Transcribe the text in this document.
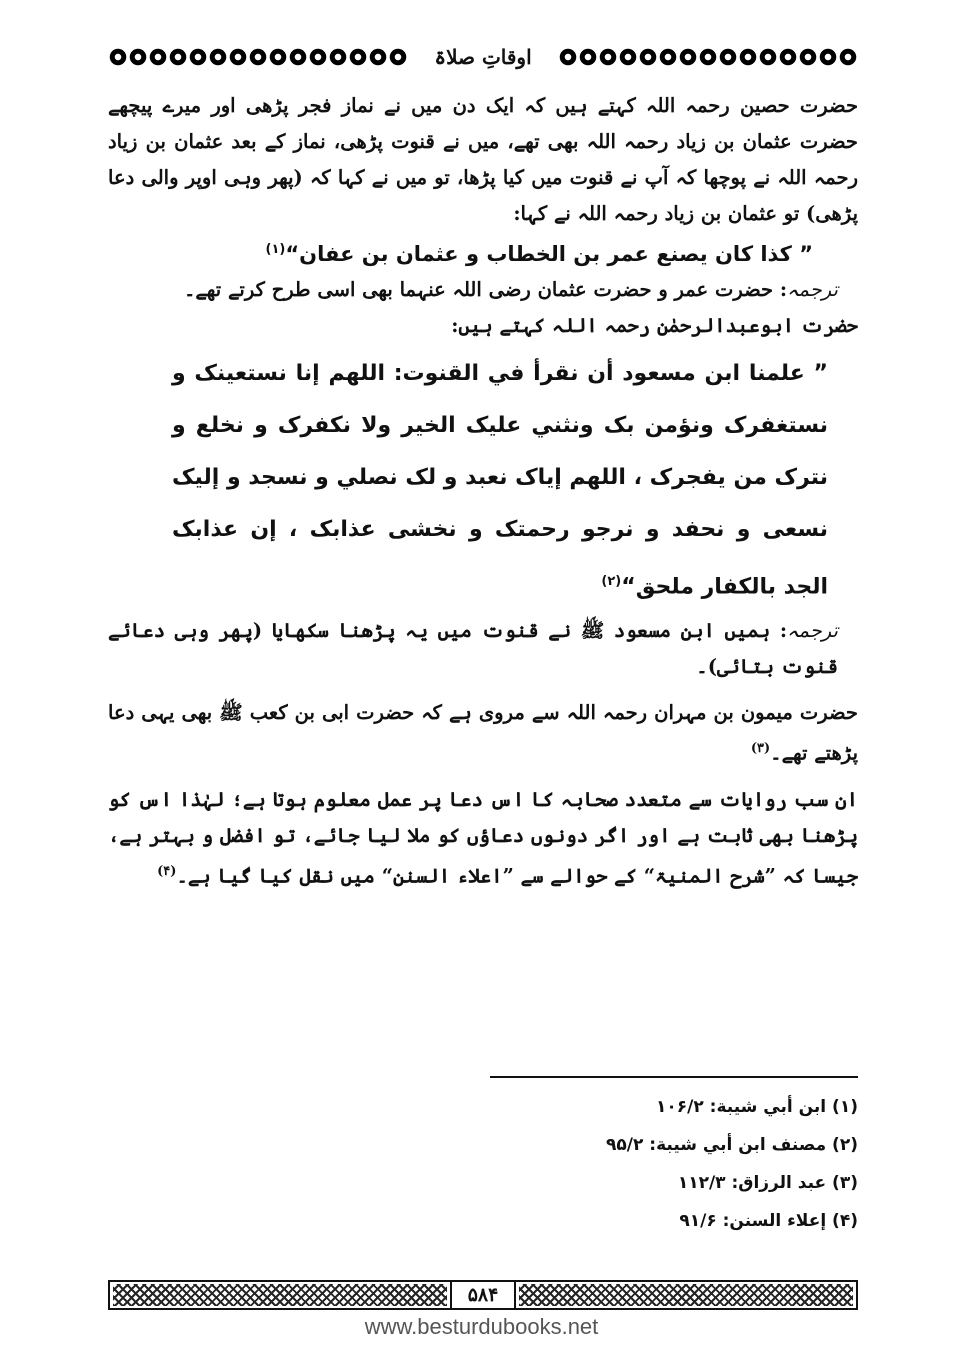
اوقاتِ صلاۃ

حضرت حصین رحمہ اللہ کہتے ہیں کہ ایک دن میں نے نماز فجر پڑھی اور میرے پیچھے حضرت عثمان بن زیاد رحمہ اللہ بھی تھے، میں نے قنوت پڑھی، نماز کے بعد عثمان بن زیاد رحمہ اللہ نے پوچھا کہ آپ نے قنوت میں کیا پڑھا، تو میں نے کہا کہ (پھر وہی اوپر والی دعا پڑھی) تو عثمان بن زیاد رحمہ اللہ نے کہا:

” كذا كان يصنع عمر بن الخطاب و عثمان بن عفان“$^{(۱)}$

ترجمہ: حضرت عمر و حضرت عثمان رضی اللہ عنہما بھی اسی طرح کرتے تھے۔

حضرت ابوعبدالرحمٰن رحمہ اللہ کہتے ہیں:

” علمنا ابن مسعود أن نقرأ في القنوت: اللهم إنا نستعينک و نستغفرک ونؤمن بک ونثني عليک الخير ولا نكفرک و نخلع و نترک من يفجرک ، اللهم إياک نعبد و لک نصلي و نسجد و إليک نسعى و نحفد و نرجو رحمتک و نخشى عذابک ، إن عذابک الجد بالكفار ملحق“$^{(۲)}$

ترجمہ: ہمیں ابن مسعود ﷺ نے قنوت میں یہ پڑھنا سکھایا (پھر وہی دعائے قنوت بتائی)۔

حضرت میمون بن مہران رحمہ اللہ سے مروی ہے کہ حضرت ابی بن کعب ﷺ بھی یہی دعا پڑھتے تھے۔$^{(۳)}$

ان سب روایات سے متعدد صحابہ کا اس دعا پر عمل معلوم ہوتا ہے؛ لہٰذا اس کو پڑھنا بھی ثابت ہے اور اگر دونوں دعاؤں کو ملا لیا جائے، تو افضل و بہتر ہے، جیسا کہ ”شرح المنیۃ“ کے حوالے سے ”اعلاء السنن“ میں نقل کیا گیا ہے۔$^{(۴)}$

(۱) ابن أبي شيبة: ۱۰۶/۲
(۲) مصنف ابن أبي شيبة: ۹۵/۲
(۳) عبد الرزاق: ۱۱۲/۳
(۴) إعلاء السنن: ۹۱/۶
۵۸۴
www.besturdubooks.net
